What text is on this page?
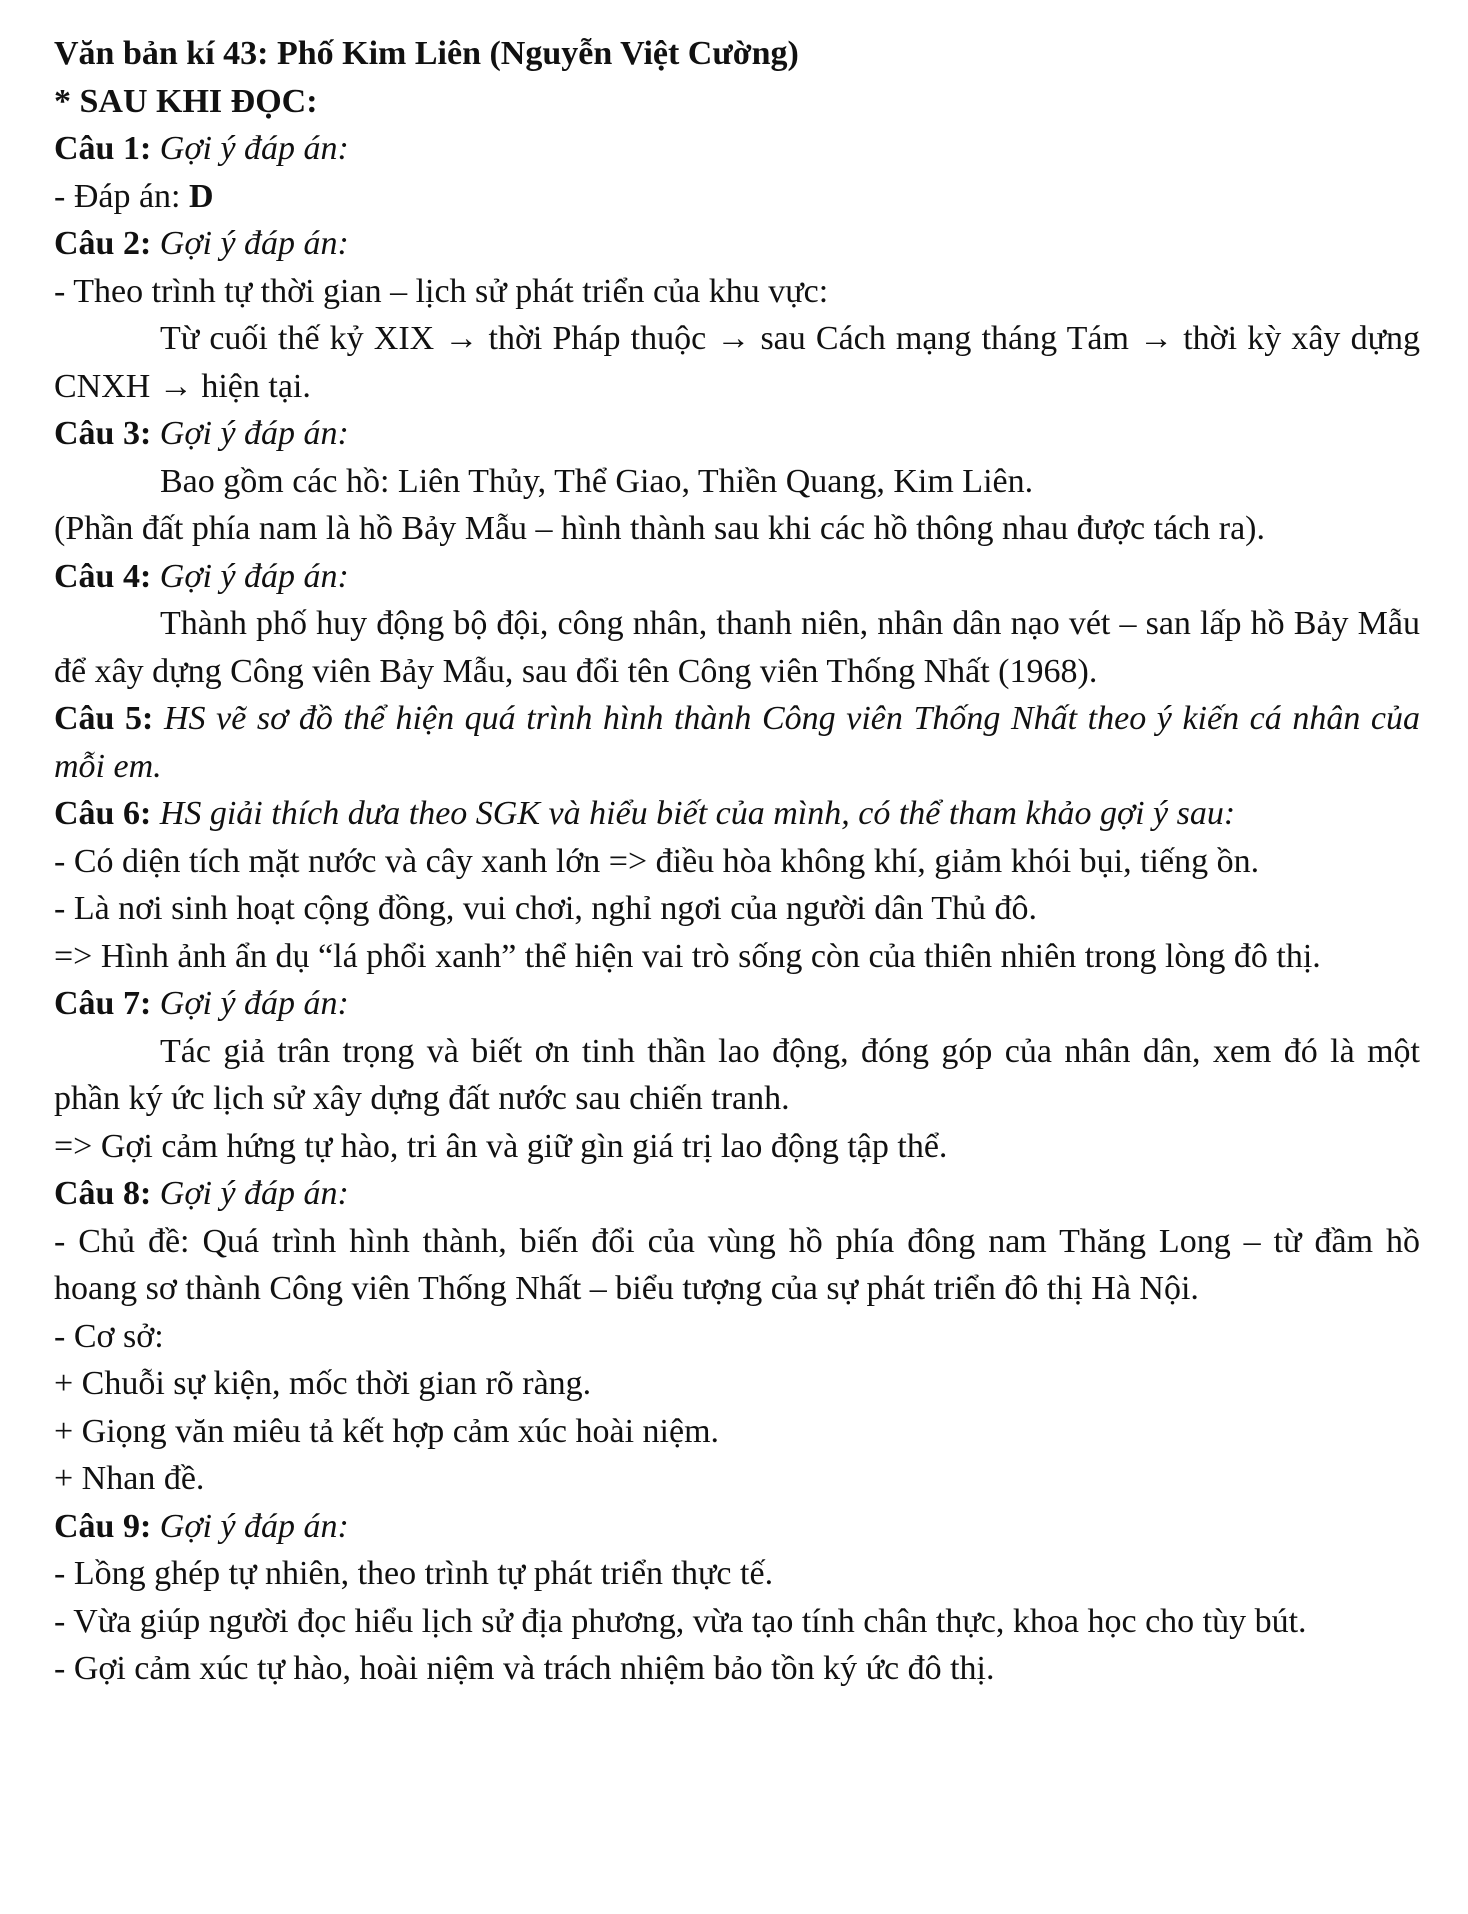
Văn bản kí 43: Phố Kim Liên (Nguyễn Việt Cường)

* SAU KHI ĐỌC:

Câu 1: Gợi ý đáp án:

- Đáp án: D

Câu 2: Gợi ý đáp án:

- Theo trình tự thời gian – lịch sử phát triển của khu vực:

Từ cuối thế kỷ XIX → thời Pháp thuộc → sau Cách mạng tháng Tám → thời kỳ xây dựng CNXH → hiện tại.

Câu 3: Gợi ý đáp án:

Bao gồm các hồ: Liên Thủy, Thể Giao, Thiền Quang, Kim Liên.

(Phần đất phía nam là hồ Bảy Mẫu – hình thành sau khi các hồ thông nhau được tách ra).

Câu 4: Gợi ý đáp án:

Thành phố huy động bộ đội, công nhân, thanh niên, nhân dân nạo vét – san lấp hồ Bảy Mẫu để xây dựng Công viên Bảy Mẫu, sau đổi tên Công viên Thống Nhất (1968).

Câu 5: HS vẽ sơ đồ thể hiện quá trình hình thành Công viên Thống Nhất theo ý kiến cá nhân của mỗi em.

Câu 6: HS giải thích dưa theo SGK và hiểu biết của mình, có thể tham khảo gợi ý sau:

- Có diện tích mặt nước và cây xanh lớn => điều hòa không khí, giảm khói bụi, tiếng ồn.

- Là nơi sinh hoạt cộng đồng, vui chơi, nghỉ ngơi của người dân Thủ đô.

=> Hình ảnh ẩn dụ “lá phổi xanh” thể hiện vai trò sống còn của thiên nhiên trong lòng đô thị.

Câu 7: Gợi ý đáp án:

Tác giả trân trọng và biết ơn tinh thần lao động, đóng góp của nhân dân, xem đó là một phần ký ức lịch sử xây dựng đất nước sau chiến tranh.

=> Gợi cảm hứng tự hào, tri ân và giữ gìn giá trị lao động tập thể.

Câu 8: Gợi ý đáp án:

- Chủ đề: Quá trình hình thành, biến đổi của vùng hồ phía đông nam Thăng Long – từ đầm hồ hoang sơ thành Công viên Thống Nhất – biểu tượng của sự phát triển đô thị Hà Nội.

- Cơ sở:

+ Chuỗi sự kiện, mốc thời gian rõ ràng.

+ Giọng văn miêu tả kết hợp cảm xúc hoài niệm.

+ Nhan đề.

Câu 9: Gợi ý đáp án:

- Lồng ghép tự nhiên, theo trình tự phát triển thực tế.

- Vừa giúp người đọc hiểu lịch sử địa phương, vừa tạo tính chân thực, khoa học cho tùy bút.

- Gợi cảm xúc tự hào, hoài niệm và trách nhiệm bảo tồn ký ức đô thị.
